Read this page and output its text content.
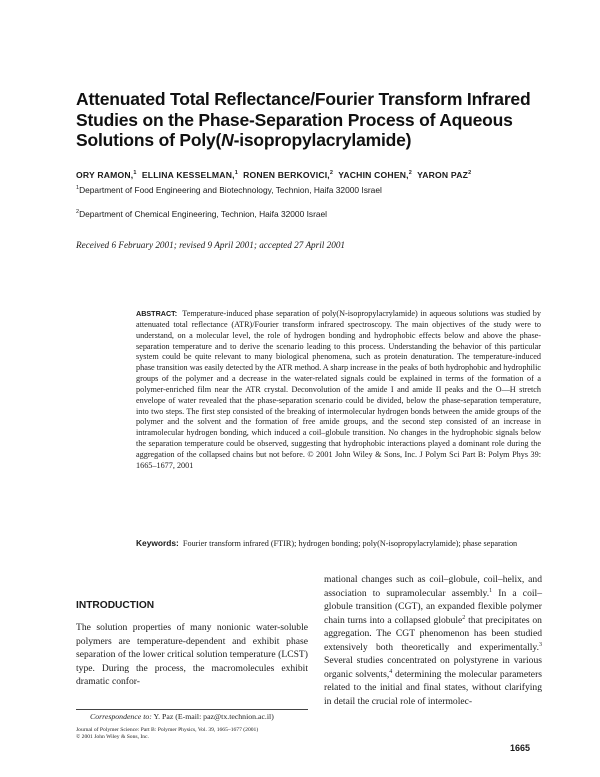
Attenuated Total Reflectance/Fourier Transform Infrared
Studies on the Phase-Separation Process of Aqueous
Solutions of Poly(N-isopropylacrylamide)
ORY RAMON,$^1$ ELLINA KESSELMAN,$^1$ RONEN BERKOVICI,$^2$ YACHIN COHEN,$^2$ YARON PAZ$^2$
$^1$Department of Food Engineering and Biotechnology, Technion, Haifa 32000 Israel
$^2$Department of Chemical Engineering, Technion, Haifa 32000 Israel
Received 6 February 2001; revised 9 April 2001; accepted 27 April 2001
ABSTRACT: Temperature-induced phase separation of poly(N-isopropylacrylamide) in aqueous solutions was studied by attenuated total reflectance (ATR)/Fourier transform infrared spectroscopy. The main objectives of the study were to understand, on a molecular level, the role of hydrogen bonding and hydrophobic effects below and above the phase-separation temperature and to derive the scenario leading to this process. Understanding the behavior of this particular system could be quite relevant to many biological phenomena, such as protein denaturation. The temperature-induced phase transition was easily detected by the ATR method. A sharp increase in the peaks of both hydrophobic and hydrophilic groups of the polymer and a decrease in the water-related signals could be explained in terms of the formation of a polymer-enriched film near the ATR crystal. Deconvolution of the amide I and amide II peaks and the O—H stretch envelope of water revealed that the phase-separation scenario could be divided, below the phase-separation temperature, into two steps. The first step consisted of the breaking of intermolecular hydrogen bonds between the amide groups of the polymer and the solvent and the formation of free amide groups, and the second step consisted of an increase in intramolecular hydrogen bonding, which induced a coil–globule transition. No changes in the hydrophobic signals below the separation temperature could be observed, suggesting that hydrophobic interactions played a dominant role during the aggregation of the collapsed chains but not before. © 2001 John Wiley & Sons, Inc. J Polym Sci Part B: Polym Phys 39: 1665–1677, 2001
Keywords: Fourier transform infrared (FTIR); hydrogen bonding; poly(N-isopropylacrylamide); phase separation
INTRODUCTION
The solution properties of many nonionic water-soluble polymers are temperature-dependent and exhibit phase separation of the lower critical solution temperature (LCST) type. During the process, the macromolecules exhibit dramatic confor-
mational changes such as coil–globule, coil–helix, and association to supramolecular assembly.$^1$ In a coil–globule transition (CGT), an expanded flexible polymer chain turns into a collapsed globule$^2$ that precipitates on aggregation. The CGT phenomenon has been studied extensively both theoretically and experimentally.$^3$ Several studies concentrated on polystyrene in various organic solvents,$^4$ determining the molecular parameters related to the initial and final states, without clarifying in detail the crucial role of intermolec-
Correspondence to: Y. Paz (E-mail: paz@tx.technion.ac.il)
Journal of Polymer Science: Part B: Polymer Physics, Vol. 39, 1665–1677 (2001)
© 2001 John Wiley & Sons, Inc.
1665
